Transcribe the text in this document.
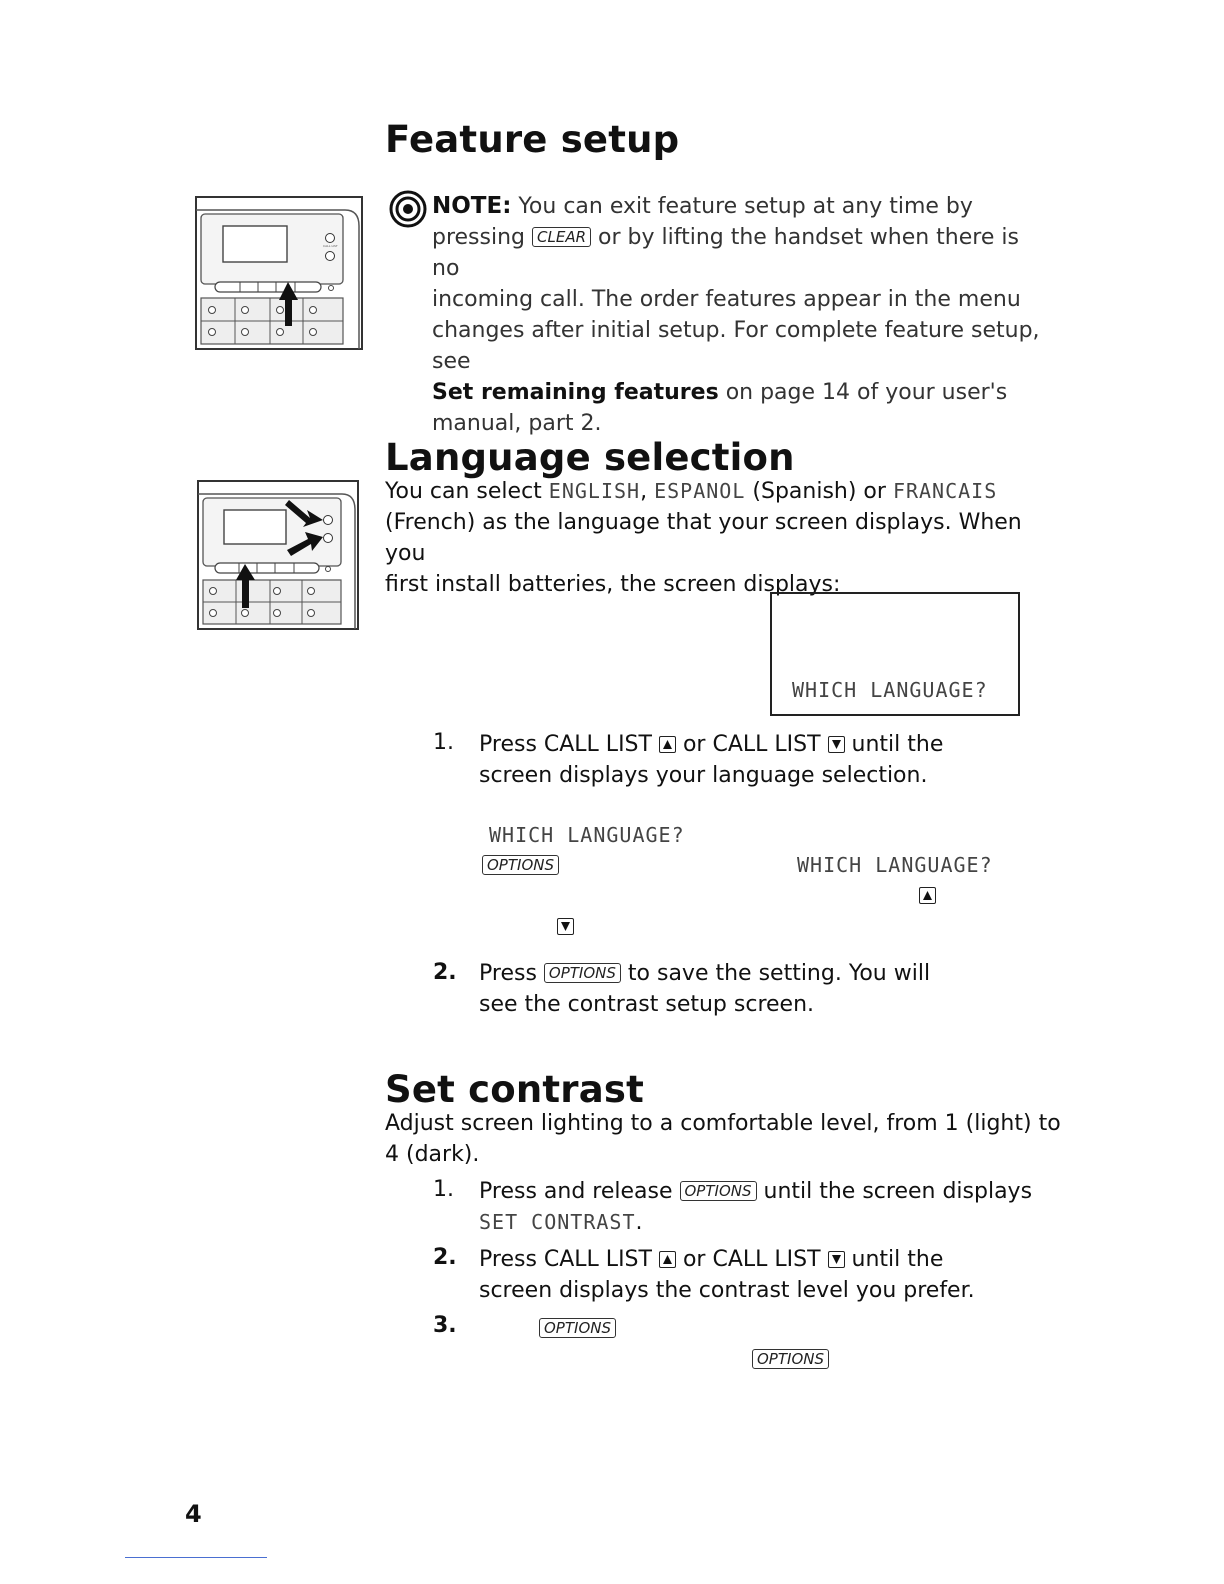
CALL LIST
Feature setup
NOTE: You can exit feature setup at any time by
pressing CLEAR or by lifting the handset when there is no
incoming call. The order features appear in the menu
changes after initial setup. For complete feature setup, see
Set remaining features on page 14 of your user's
manual, part 2.
Language selection
You can select ENGLISH, ESPANOL (Spanish) or FRANCAIS
(French) as the language that your screen displays. When you
first install batteries, the screen displays:
WHICH LANGUAGE?
1. Press CALL LIST or CALL LIST until the
screen displays your language selection.
WHICH LANGUAGE?
OPTIONS	WHICH LANGUAGE?

2. Press OPTIONS to save the setting. You will
see the contrast setup screen.
Set contrast
Adjust screen lighting to a comfortable level, from 1 (light) to
4 (dark).
1. Press and release OPTIONS until the screen displays
SET CONTRAST.
2. Press CALL LIST or CALL LIST until the
screen displays the contrast level you prefer.
3.	OPTIONS
OPTIONS
4
